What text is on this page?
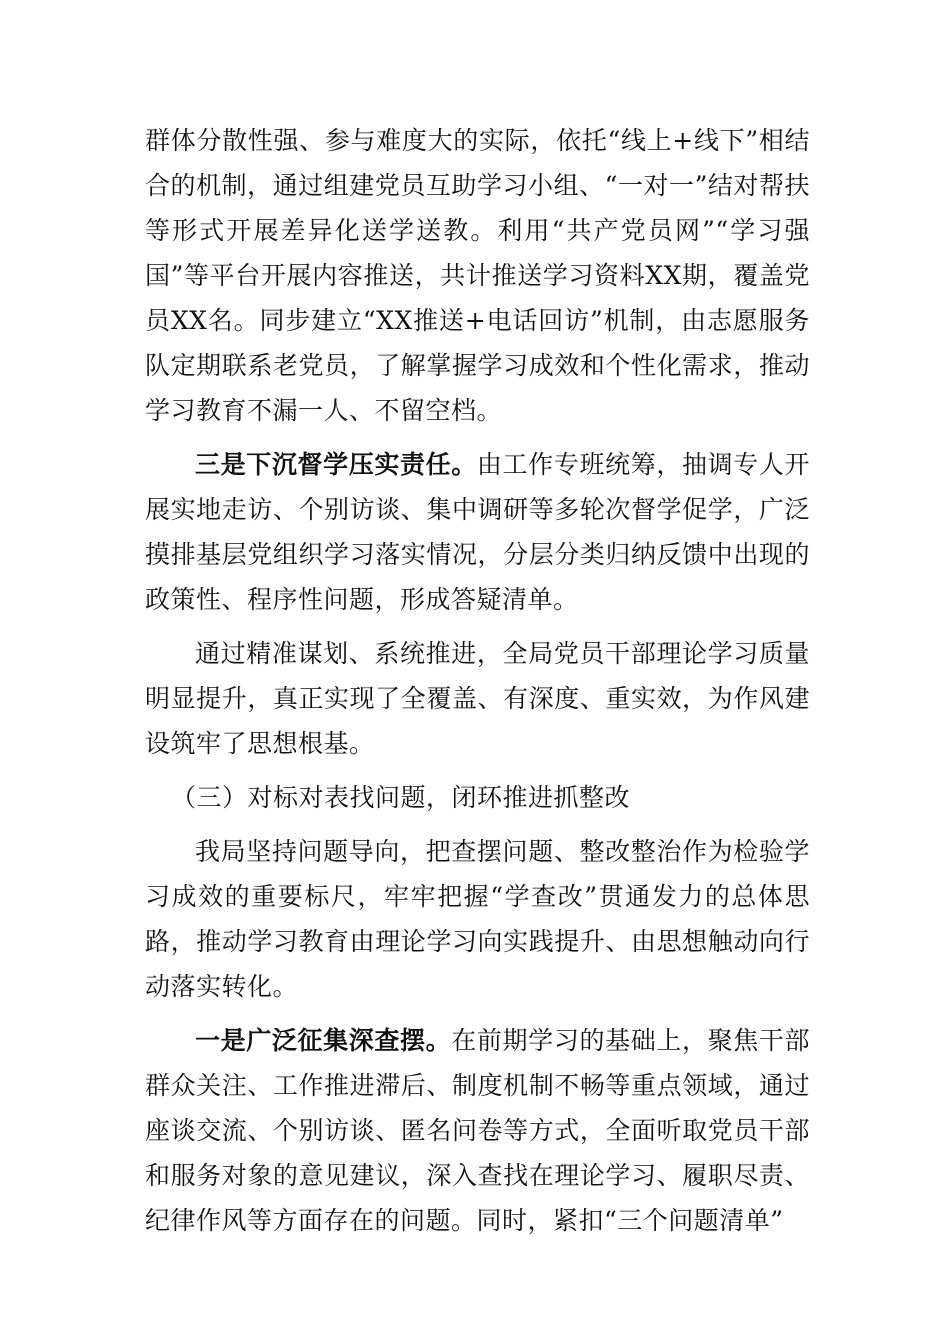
群体分散性强、参与难度大的实际，依托“线上+线下”相结合的机制，通过组建党员互助学习小组、“一对一”结对帮扶等形式开展差异化送学送教。利用“共产党员网”“学习强国”等平台开展内容推送，共计推送学习资料XX期，覆盖党员XX名。同步建立“XX推送+电话回访”机制，由志愿服务队定期联系老党员，了解掌握学习成效和个性化需求，推动学习教育不漏一人、不留空档。

三是下沉督学压实责任。由工作专班统筹，抽调专人开展实地走访、个别访谈、集中调研等多轮次督学促学，广泛摸排基层党组织学习落实情况，分层分类归纳反馈中出现的政策性、程序性问题，形成答疑清单。

通过精准谋划、系统推进，全局党员干部理论学习质量明显提升，真正实现了全覆盖、有深度、重实效，为作风建设筑牢了思想根基。

（三）对标对表找问题，闭环推进抓整改

我局坚持问题导向，把查摆问题、整改整治作为检验学习成效的重要标尺，牢牢把握“学查改”贯通发力的总体思路，推动学习教育由理论学习向实践提升、由思想触动向行动落实转化。

一是广泛征集深查摆。在前期学习的基础上，聚焦干部群众关注、工作推进滞后、制度机制不畅等重点领域，通过座谈交流、个别访谈、匿名问卷等方式，全面听取党员干部和服务对象的意见建议，深入查找在理论学习、履职尽责、纪律作风等方面存在的问题。同时，紧扣“三个问题清单”
